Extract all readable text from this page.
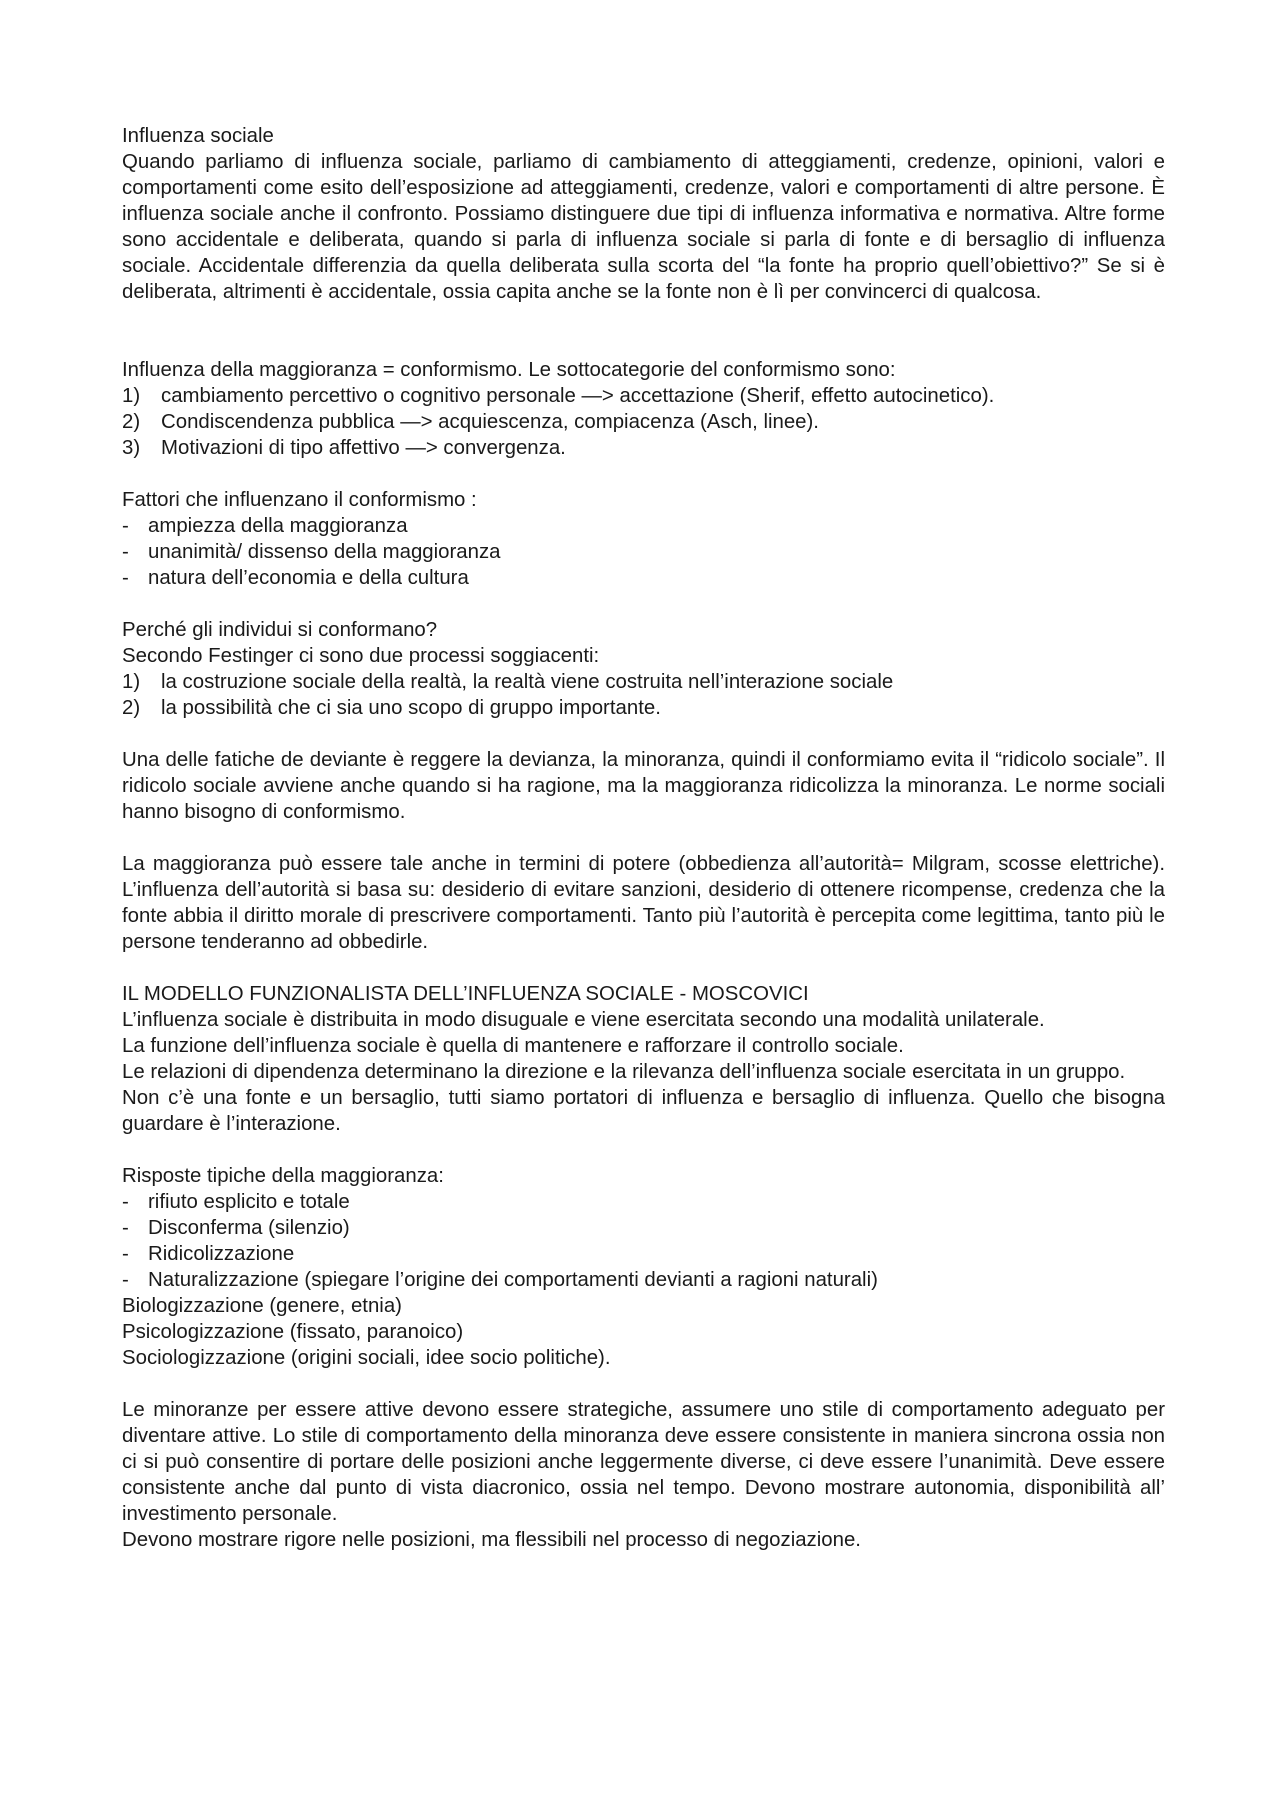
Influenza sociale

Quando parliamo di influenza sociale, parliamo di cambiamento di atteggiamenti, credenze, opinioni, valori e comportamenti come esito dell’esposizione ad atteggiamenti, credenze, valori e comportamenti di altre persone. È influenza sociale anche il confronto. Possiamo distinguere due tipi di influenza informativa e normativa. Altre forme sono accidentale e deliberata, quando si parla di influenza sociale si parla di fonte e di bersaglio di influenza sociale. Accidentale differenzia da quella deliberata sulla scorta del “la fonte ha proprio quell’obiettivo?” Se si è deliberata, altrimenti è accidentale, ossia capita anche se la fonte non è lì per convincerci di qualcosa.

Influenza della maggioranza = conformismo. Le sottocategorie del conformismo sono:

1)	cambiamento percettivo o cognitivo personale —> accettazione (Sherif, effetto autocinetico).
2)	Condiscendenza pubblica —> acquiescenza, compiacenza (Asch, linee).
3)	Motivazioni di tipo affettivo —> convergenza.

Fattori che influenzano il conformismo :

- ampiezza della maggioranza
- unanimità/ dissenso della maggioranza
- natura dell’economia e della cultura

Perché gli individui si conformano?

Secondo Festinger ci sono due processi soggiacenti:

1)	la costruzione sociale della realtà, la realtà viene costruita nell’interazione sociale
2)	la possibilità che ci sia uno scopo di gruppo importante.

Una delle fatiche de deviante è reggere la devianza, la minoranza, quindi il conformiamo evita il “ridicolo sociale”. Il ridicolo sociale avviene anche quando si ha ragione, ma la maggioranza ridicolizza la minoranza. Le norme sociali hanno bisogno di conformismo.

La maggioranza può essere tale anche in termini di potere (obbedienza all’autorità= Milgram, scosse elettriche). L’influenza dell’autorità si basa su: desiderio di evitare sanzioni, desiderio di ottenere ricompense, credenza che la fonte abbia il diritto morale di prescrivere comportamenti. Tanto più l’autorità è percepita come legittima, tanto più le persone tenderanno ad obbedirle.

IL MODELLO FUNZIONALISTA DELL’INFLUENZA SOCIALE - MOSCOVICI

L’influenza sociale è distribuita in modo disuguale e viene esercitata secondo una modalità unilaterale.

La funzione dell’influenza sociale è quella di mantenere e rafforzare il controllo sociale.

Le relazioni di dipendenza determinano la direzione e la rilevanza dell’influenza sociale esercitata in un gruppo.

Non c’è una fonte e un bersaglio, tutti siamo portatori di influenza e bersaglio di influenza. Quello che bisogna guardare è l’interazione.

Risposte tipiche della maggioranza:

- rifiuto esplicito e totale
- Disconferma (silenzio)
- Ridicolizzazione
- Naturalizzazione (spiegare l’origine dei comportamenti devianti a ragioni naturali)

Biologizzazione (genere, etnia)

Psicologizzazione (fissato, paranoico)

Sociologizzazione (origini sociali, idee socio politiche).

Le minoranze per essere attive devono essere strategiche, assumere uno stile di comportamento adeguato per diventare attive. Lo stile di comportamento della minoranza deve essere consistente in maniera sincrona ossia non ci si può consentire di portare delle posizioni anche leggermente diverse, ci deve essere l’unanimità. Deve essere consistente anche dal punto di vista diacronico, ossia nel tempo. Devono mostrare autonomia, disponibilità all’ investimento personale.

Devono mostrare rigore nelle posizioni, ma flessibili nel processo di negoziazione.
